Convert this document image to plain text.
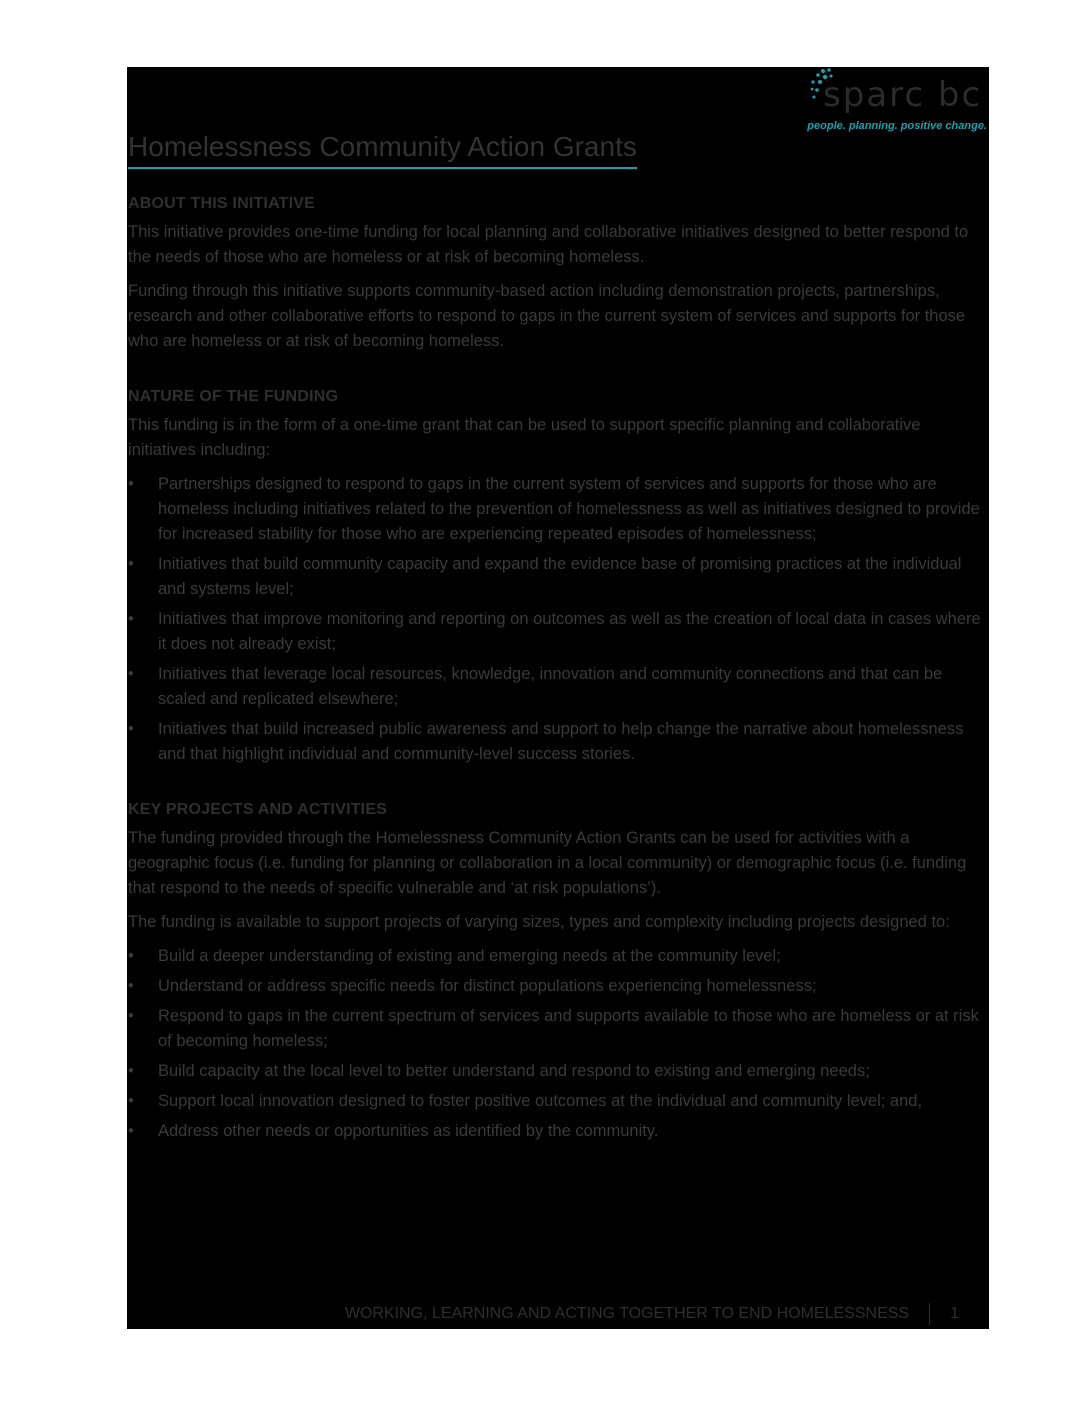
sparc bc
people. planning. positive change.
Homelessness Community Action Grants
ABOUT THIS INITIATIVE

This initiative provides one-time funding for local planning and collaborative initiatives designed to better respond to the needs of those who are homeless or at risk of becoming homeless.

Funding through this initiative supports community-based action including demonstration projects, partnerships, research and other collaborative efforts to respond to gaps in the current system of services and supports for those who are homeless or at risk of becoming homeless.

NATURE OF THE FUNDING

This funding is in the form of a one-time grant that can be used to support specific planning and collaborative initiatives including:

• Partnerships designed to respond to gaps in the current system of services and supports for those who are homeless including initiatives related to the prevention of homelessness as well as initiatives designed to provide for increased stability for those who are experiencing repeated episodes of homelessness;
• Initiatives that build community capacity and expand the evidence base of promising practices at the individual and systems level;
• Initiatives that improve monitoring and reporting on outcomes as well as the creation of local data in cases where it does not already exist;
• Initiatives that leverage local resources, knowledge, innovation and community connections and that can be scaled and replicated elsewhere;
• Initiatives that build increased public awareness and support to help change the narrative about homelessness and that highlight individual and community-level success stories.
KEY PROJECTS AND ACTIVITIES

The funding provided through the Homelessness Community Action Grants can be used for activities with a geographic focus (i.e. funding for planning or collaboration in a local community) or demographic focus (i.e. funding that respond to the needs of specific vulnerable and ‘at risk populations’).

The funding is available to support projects of varying sizes, types and complexity including projects designed to:

• Build a deeper understanding of existing and emerging needs at the community level;
• Understand or address specific needs for distinct populations experiencing homelessness;
• Respond to gaps in the current spectrum of services and supports available to those who are homeless or at risk of becoming homeless;
• Build capacity at the local level to better understand and respond to existing and emerging needs;
• Support local innovation designed to foster positive outcomes at the individual and community level; and,
• Address other needs or opportunities as identified by the community.
WORKING, LEARNING AND ACTING TOGETHER TO END HOMELESSNESS	1
